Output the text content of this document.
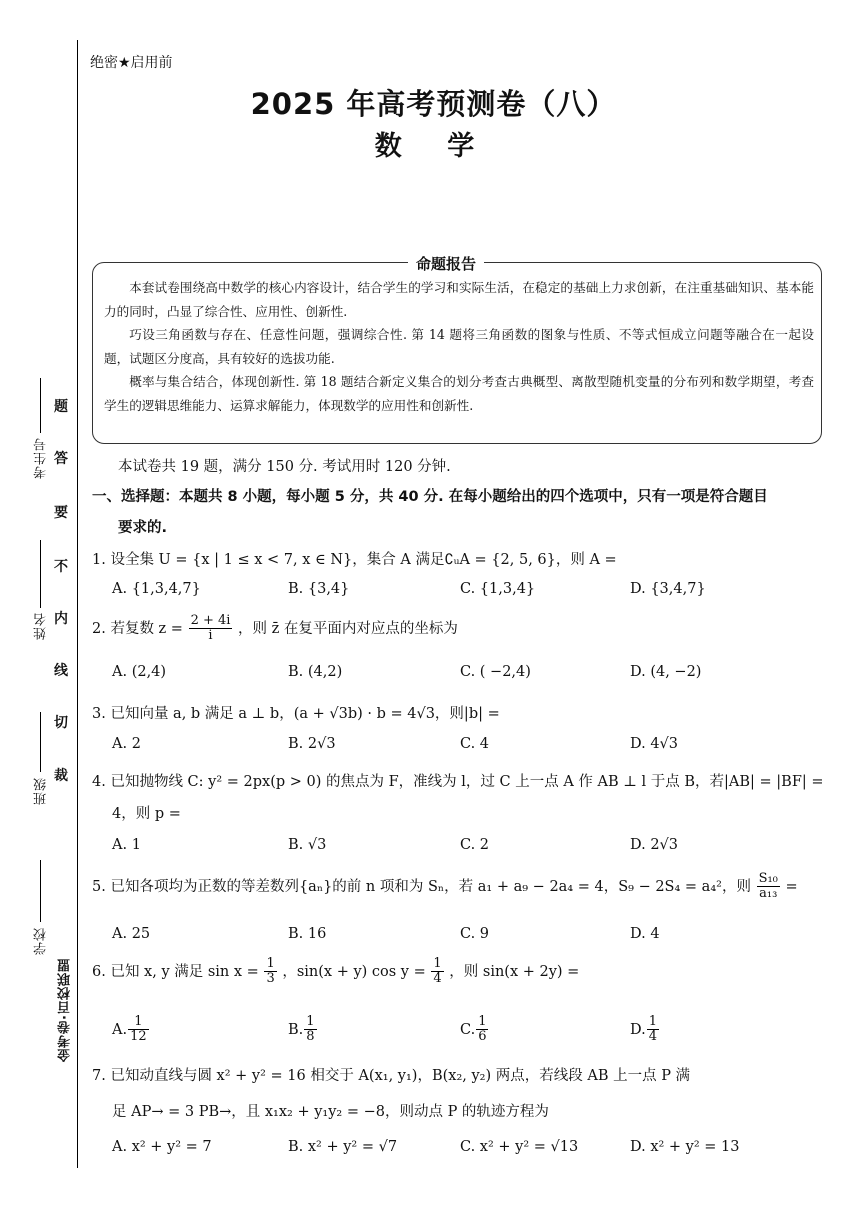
考生号
姓名
班级
学校
题
答
要
不
内
线
切
裁
金考卷·百校联盟
绝密★启用前
2025 年高考预测卷（八）
数 学
命题报告

本套试卷围绕高中数学的核心内容设计，结合学生的学习和实际生活，在稳定的基础上力求创新，在注重基础知识、基本能力的同时，凸显了综合性、应用性、创新性.

巧设三角函数与存在、任意性问题，强调综合性. 第 14 题将三角函数的图象与性质、不等式恒成立问题等融合在一起设题，试题区分度高，具有较好的选拔功能.

概率与集合结合，体现创新性. 第 18 题结合新定义集合的划分考查古典概型、离散型随机变量的分布列和数学期望，考查学生的逻辑思维能力、运算求解能力，体现数学的应用性和创新性.

本试卷共 19 题，满分 150 分. 考试用时 120 分钟.
一、选择题：本题共 8 小题，每小题 5 分，共 40 分. 在每小题给出的四个选项中，只有一项是符合题目
要求的.
1. 设全集 U = {x | 1 ≤ x < 7, x ∈ N}，集合 A 满足∁ᵤA = {2, 5, 6}，则 A =
A. {1,3,4,7}	B. {3,4}	C. {1,3,4}	D. {3,4,7}
2. 若复数 $z = \frac{2 + 4i}{i}$ ，则 z̄ 在复平面内对应点的坐标为
A. (2,4)	B. (4,2)	C. ( −2,4)	D. (4, −2)
3. 已知向量 a, b 满足 a ⊥ b，(a + √3b) · b = 4√3，则|b| =
A. 2	B. 2√3	C. 4	D. 4√3
4. 已知抛物线 C: y² = 2px(p > 0) 的焦点为 F，准线为 l，过 C 上一点 A 作 AB ⊥ l 于点 B，若|AB| = |BF| =
4，则 p =
A. 1	B. √3	C. 2	D. 2√3
5. 已知各项均为正数的等差数列{aₙ}的前 n 项和为 Sₙ，若 a₁ + a₉ − 2a₄ = 4，S₉ − 2S₄ = a₄²，则 $\frac{\text{S₁₀}}{\text{a₁₃}}$ =
A. 25	B. 16	C. 9	D. 4
6. 已知 x, y 满足 $\sin x = \frac{1}{3}$ ，sin(x + y) $\cos y = \frac{1}{4}$ ，则 sin(x + 2y) =
A. $\frac{1}{12}$	B. $\frac{1}{8}$	C. $\frac{1}{6}$	D. $\frac{1}{4}$
7. 已知动直线与圆 x² + y² = 16 相交于 A(x₁, y₁)，B(x₂, y₂) 两点，若线段 AB 上一点 P 满
足 AP→ = 3 PB→，且 x₁x₂ + y₁y₂ = −8，则动点 P 的轨迹方程为
A. x² + y² = 7	B. x² + y² = √7	C. x² + y² = √13	D. x² + y² = 13
